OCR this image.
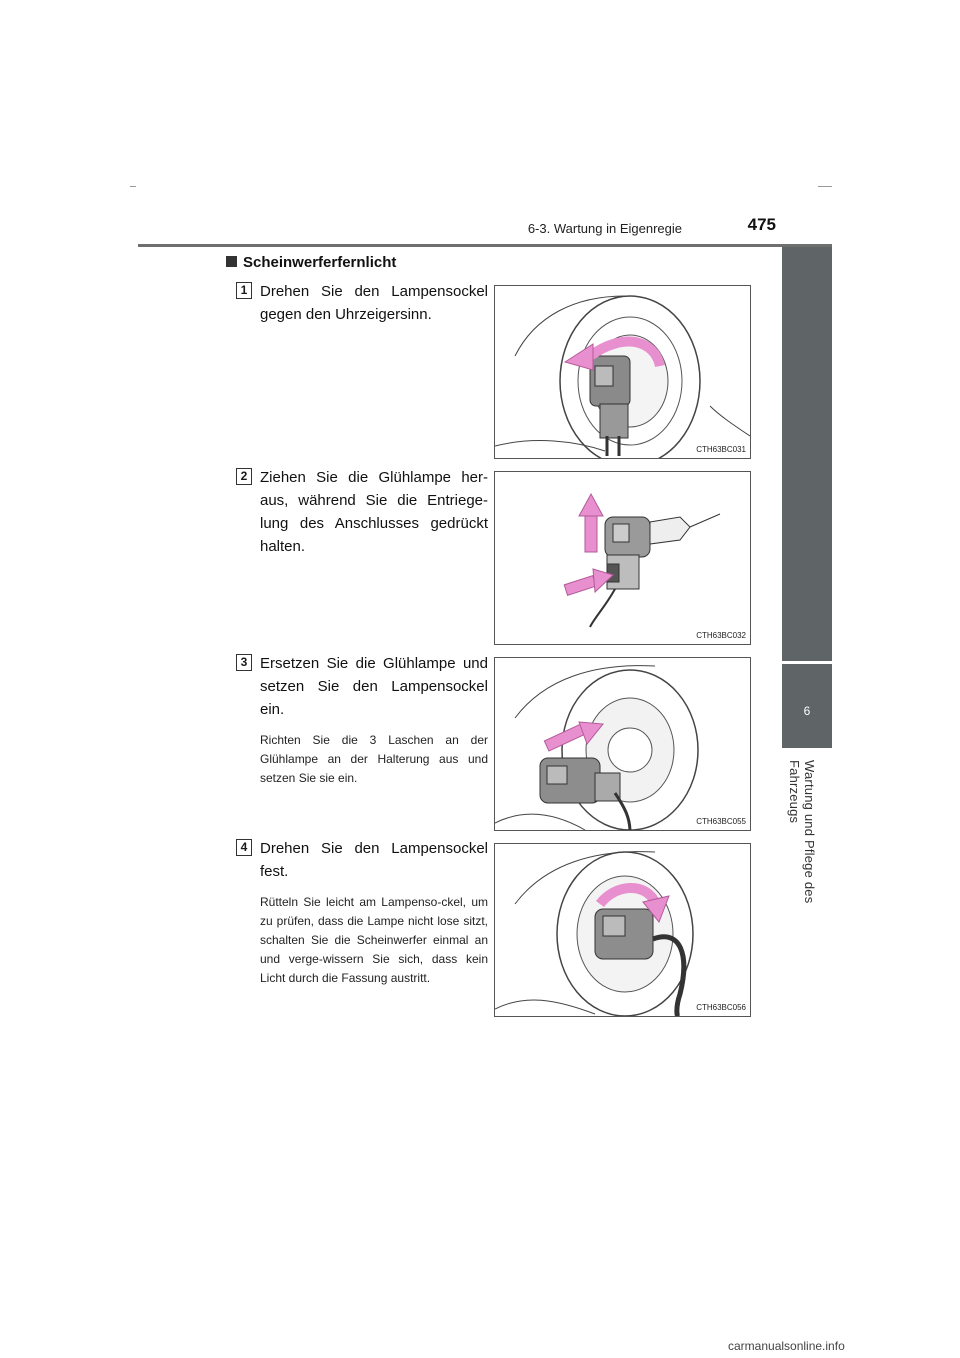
6-3. Wartung in Eigenregie	475
6
Wartung und Pflege des Fahrzeugs
Scheinwerferfernlicht
1 Drehen Sie den Lampensockel gegen den Uhrzeigersinn.
CTH63BC031
2 Ziehen Sie die Glühlampe her-aus, während Sie die Entriege-lung des Anschlusses gedrückt halten.
CTH63BC032
3 Ersetzen Sie die Glühlampe und setzen Sie den Lampensockel ein.
Richten Sie die 3 Laschen an der Glühlampe an der Halterung aus und setzen Sie sie ein.
CTH63BC055
4 Drehen Sie den Lampensockel fest.
Rütteln Sie leicht am Lampenso-ckel, um zu prüfen, dass die Lampe nicht lose sitzt, schalten Sie die Scheinwerfer einmal an und verge-wissern Sie sich, dass kein Licht durch die Fassung austritt.
CTH63BC056
carmanualsonline.info
